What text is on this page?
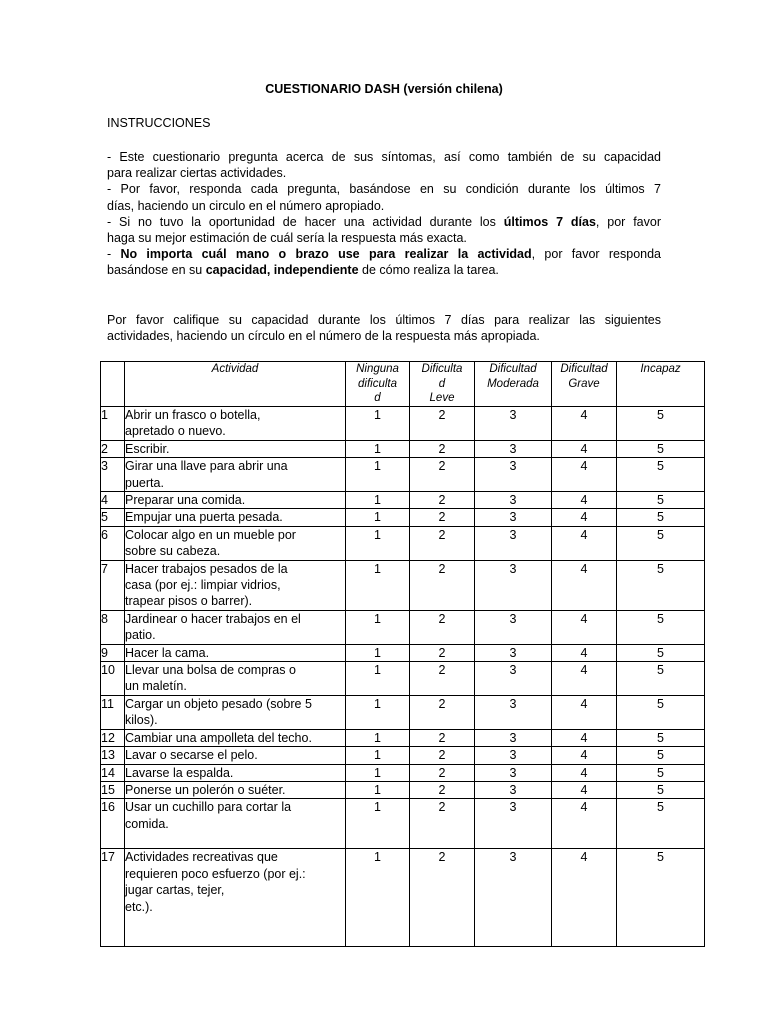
CUESTIONARIO DASH (versión chilena)
INSTRUCCIONES
- Este cuestionario pregunta acerca de sus síntomas, así como también de su capacidad
para realizar ciertas actividades.
- Por favor, responda cada pregunta, basándose en su condición durante los últimos 7
días, haciendo un circulo en el número apropiado.
- Si no tuvo la oportunidad de hacer una actividad durante los últimos 7 días, por favor
haga su mejor estimación de cuál sería la respuesta más exacta.
- No importa cuál mano o brazo use para realizar la actividad, por favor responda
basándose en su capacidad, independiente de cómo realiza la tarea.
Por favor califique su capacidad durante los últimos 7 días para realizar las siguientes
actividades, haciendo un círculo en el número de la respuesta más apropiada.
	Actividad	Ninguna
dificulta
d	Dificulta
d
Leve	Dificultad
Moderada	Dificultad
Grave	Incapaz
1	Abrir un frasco o botella,
apretado o nuevo.	1	2	3	4	5
2	Escribir.	1	2	3	4	5
3	Girar una llave para abrir una
puerta.	1	2	3	4	5
4	Preparar una comida.	1	2	3	4	5
5	Empujar una puerta pesada.	1	2	3	4	5
6	Colocar algo en un mueble por
sobre su cabeza.	1	2	3	4	5
7	Hacer trabajos pesados de la
casa (por ej.: limpiar vidrios,
trapear pisos o barrer).	1	2	3	4	5
8	Jardinear o hacer trabajos en el
patio.	1	2	3	4	5
9	Hacer la cama.	1	2	3	4	5
10	Llevar una bolsa de compras o
un maletín.	1	2	3	4	5
11	Cargar un objeto pesado (sobre 5
kilos).	1	2	3	4	5
12	Cambiar una ampolleta del techo.	1	2	3	4	5
13	Lavar o secarse el pelo.	1	2	3	4	5
14	Lavarse la espalda.	1	2	3	4	5
15	Ponerse un polerón o suéter.	1	2	3	4	5
16	Usar un cuchillo para cortar la
comida.	1	2	3	4	5
17	Actividades recreativas que
requieren poco esfuerzo (por ej.:
jugar cartas, tejer,
etc.).	1	2	3	4	5
